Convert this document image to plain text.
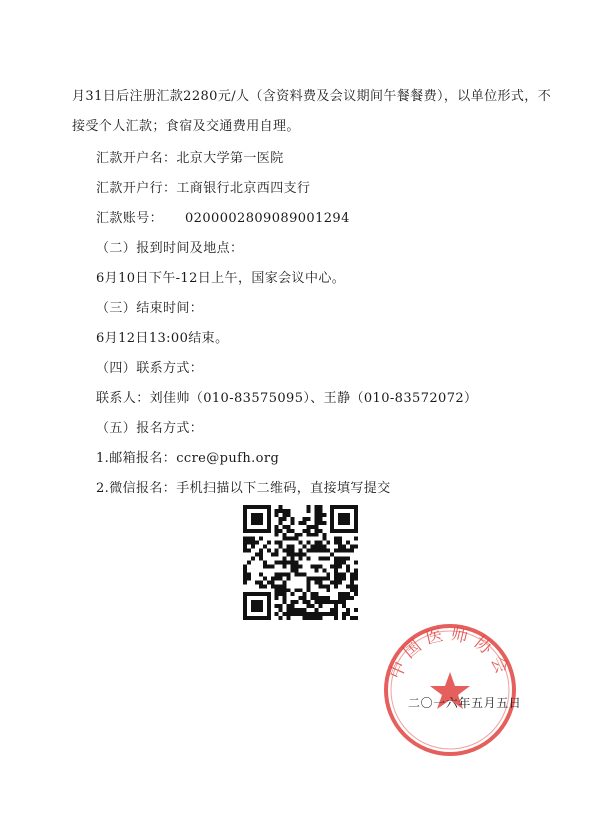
月31日后注册汇款2280元/人（含资料费及会议期间午餐餐费），以单位形式，不
接受个人汇款；食宿及交通费用自理。
汇款开户名：北京大学第一医院
汇款开户行：工商银行北京西四支行
汇款账号： 0200002809089001294
（二）报到时间及地点：
6月10日下午-12日上午，国家会议中心。
（三）结束时间：
6月12日13:00结束。
（四）联系方式：
联系人：刘佳帅（010-83575095）、王静（010-83572072）
（五）报名方式：
1.邮箱报名：ccre@pufh.org
2.微信报名：手机扫描以下二维码，直接填写提交
中国医师协会
二〇一六年五月五日
